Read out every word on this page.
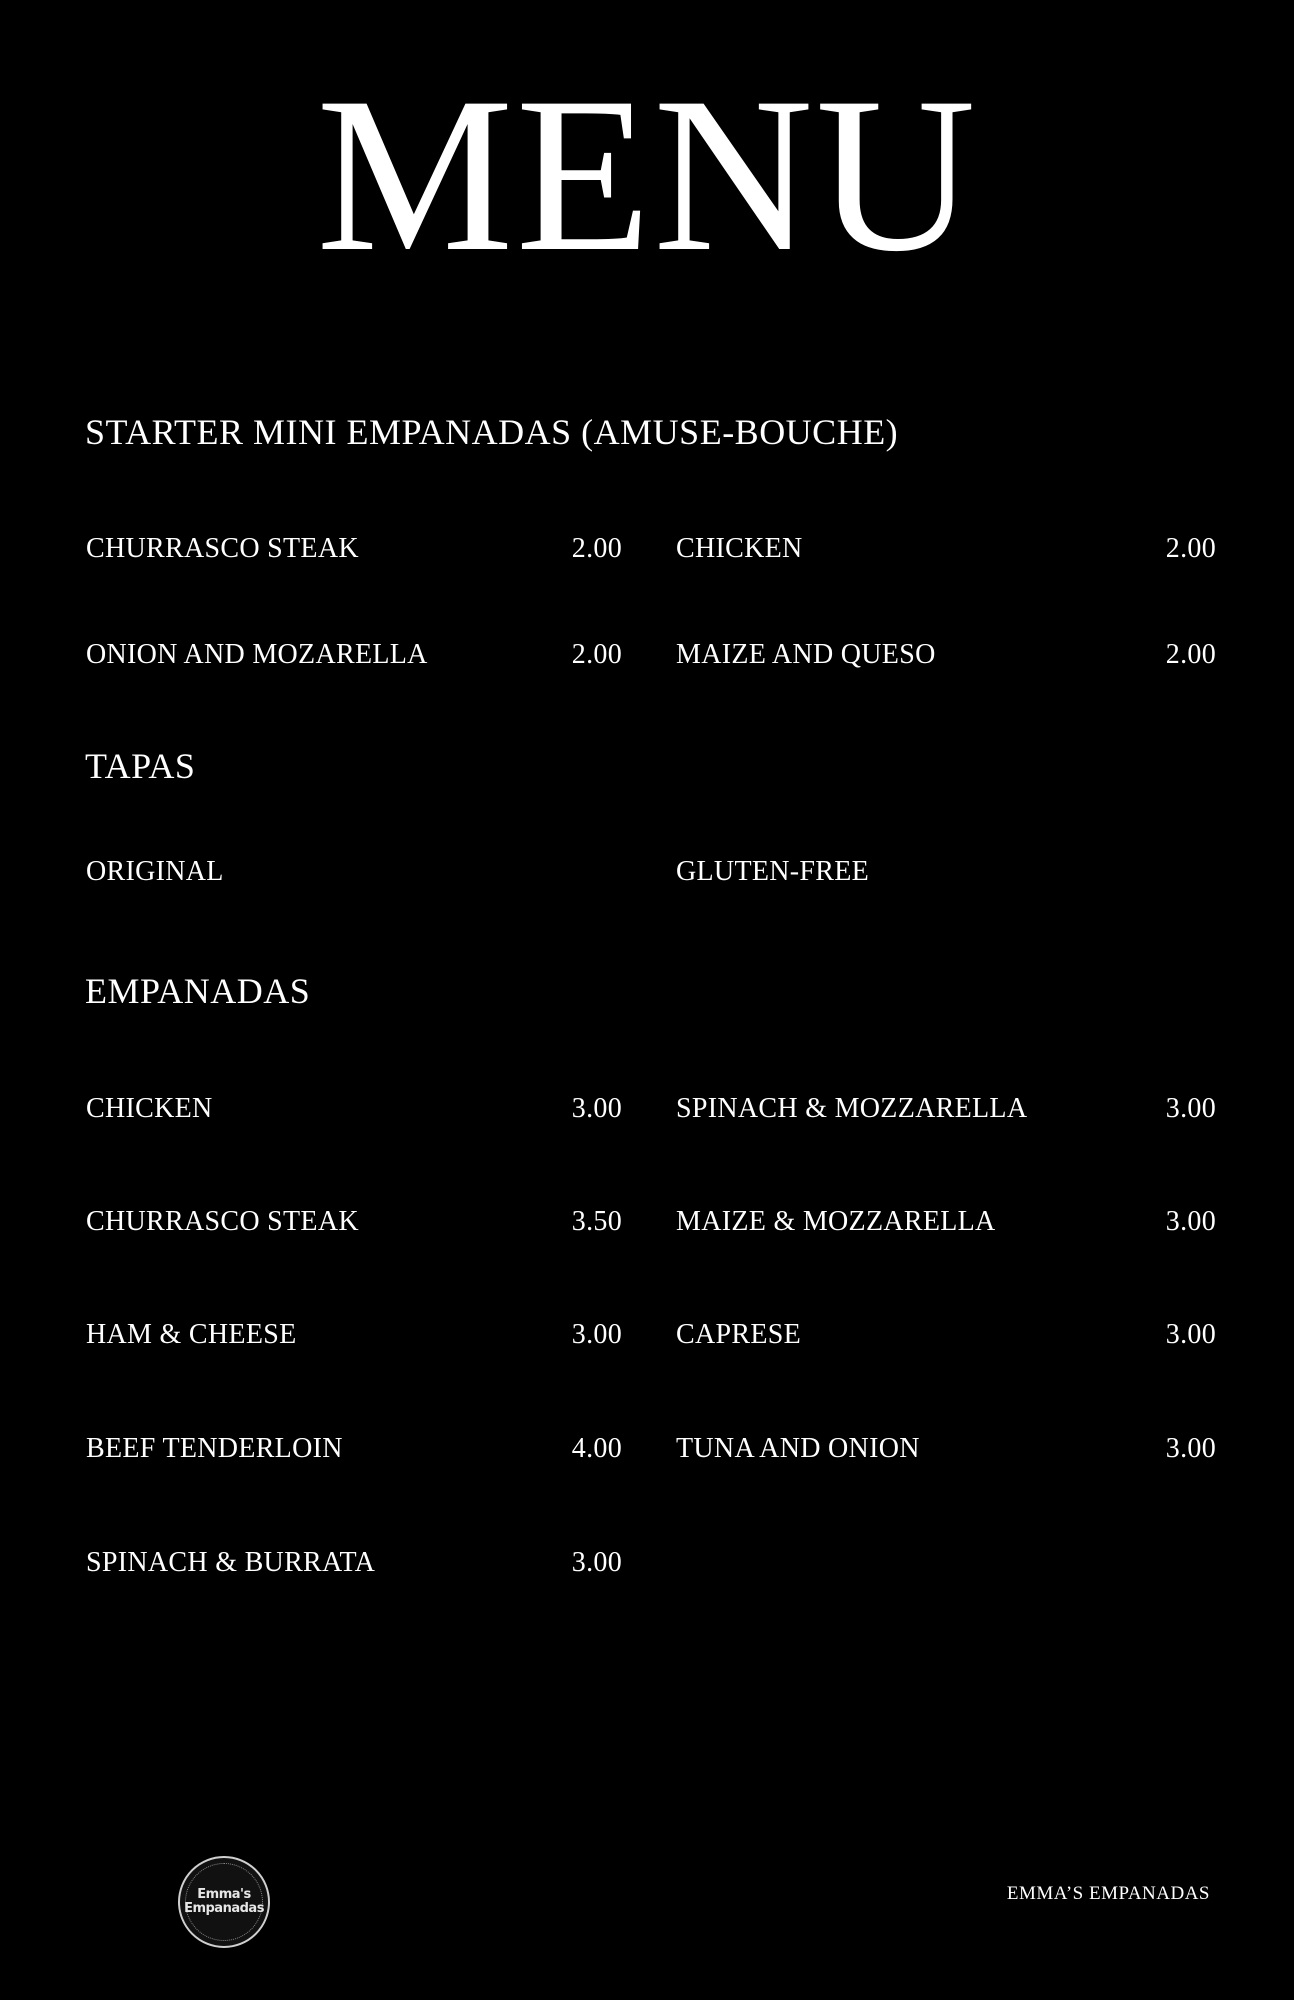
MENU
STARTER MINI EMPANADAS (AMUSE-BOUCHE)
CHURRASCO STEAK	2.00 CHICKEN	2.00
ONION AND MOZARELLA	2.00 MAIZE AND QUESO	2.00
TAPAS
ORIGINAL	GLUTEN-FREE
EMPANADAS
CHICKEN	3.00 SPINACH & MOZZARELLA	3.00
CHURRASCO STEAK	3.50 MAIZE & MOZZARELLA	3.00
HAM & CHEESE	3.00 CAPRESE	3.00
BEEF TENDERLOIN	4.00 TUNA AND ONION	3.00
SPINACH & BURRATA	3.00
Emma's
Empanadas
EMMA’S EMPANADAS
